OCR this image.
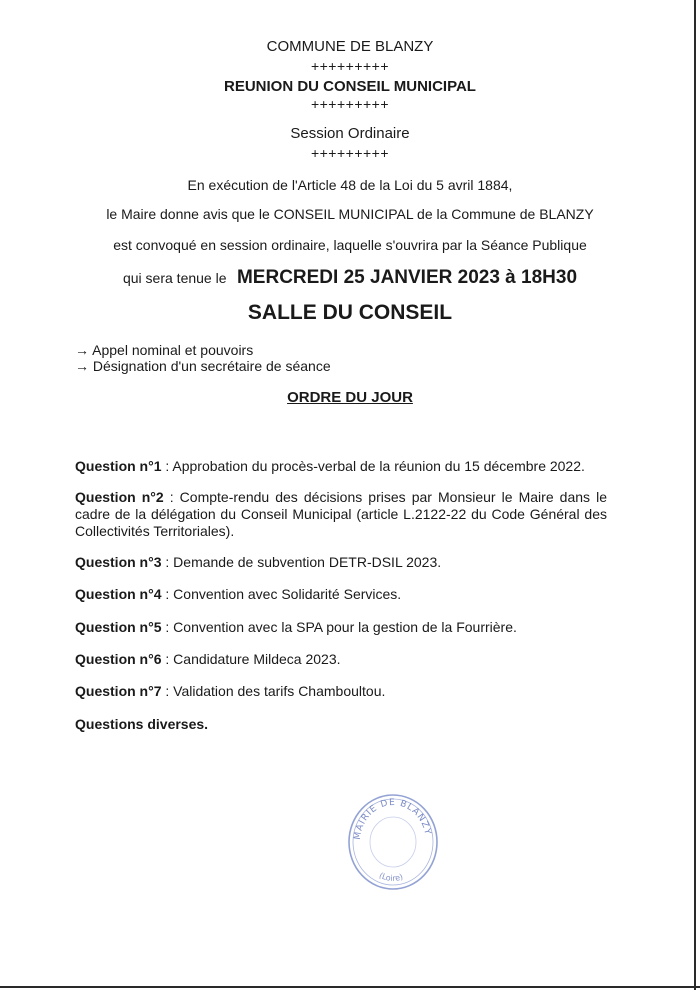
COMMUNE DE BLANZY
+++++++++
REUNION DU CONSEIL MUNICIPAL
+++++++++
Session Ordinaire
+++++++++
En exécution de l'Article 48 de la Loi du 5 avril 1884,
le Maire donne avis que le CONSEIL MUNICIPAL de la Commune de BLANZY
est convoqué en session ordinaire, laquelle s'ouvrira par la Séance Publique
qui sera tenue le MERCREDI 25 JANVIER 2023 à 18H30
SALLE DU CONSEIL
→ Appel nominal et pouvoirs
→ Désignation d'un secrétaire de séance
ORDRE DU JOUR
Question n°1 : Approbation du procès-verbal de la réunion du 15 décembre 2022.
Question n°2 : Compte-rendu des décisions prises par Monsieur le Maire dans le cadre de la délégation du Conseil Municipal (article L.2122-22 du Code Général des Collectivités Territoriales).
Question n°3 : Demande de subvention DETR-DSIL 2023.
Question n°4 : Convention avec Solidarité Services.
Question n°5 : Convention avec la SPA pour la gestion de la Fourrière.
Question n°6 : Candidature Mildeca 2023.
Question n°7 : Validation des tarifs Chamboultou.
Questions diverses.
MAIRIE DE BLANZY
(Loire)
